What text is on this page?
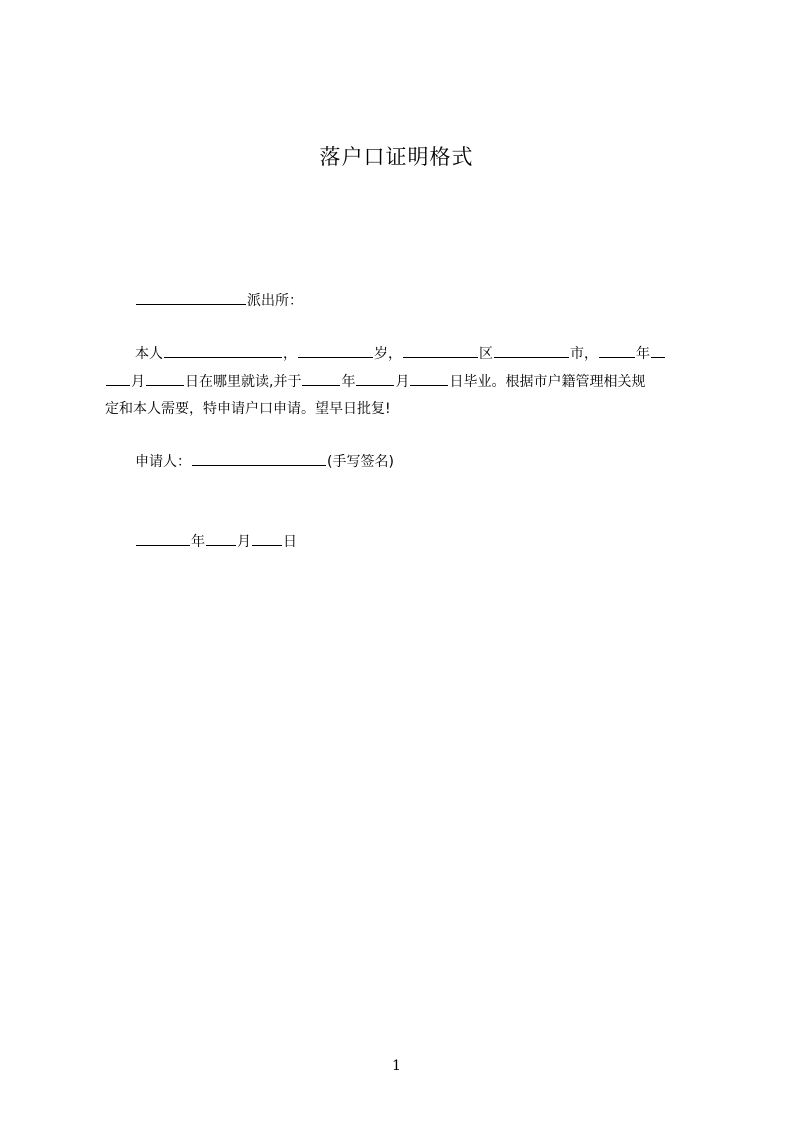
落户口证明格式
派出所：
本人	，	岁，	区	市，	年
月	日在哪里就读,并于	年	月	日毕业。根据市户籍管理相关规
定和本人需要，特申请户口申请。望早日批复!
申请人：	(手写签名)
年 月 日
1
